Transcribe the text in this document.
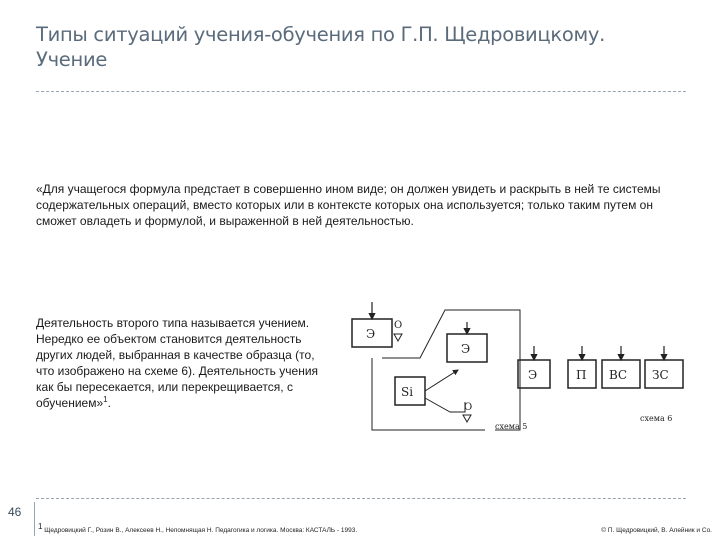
Типы ситуаций учения-обучения по Г.П. Щедровицкому.
Учение
«Для учащегося формула предстает в совершенно ином виде; он должен увидеть и раскрыть в ней те системы содержательных операций, вместо которых или в контексте которых она используется; только таким путем он сможет овладеть и формулой, и выраженной в ней деятельностью.
Деятельность второго типа называется учением. Нередко ее объектом становится деятельность других людей, выбранная в качестве образца (то, что изображено на схеме 6). Деятельность учения как бы пересекается, или перекрещивается, с обучением»$^1$.
Э
О
Э
Si
О
схема 5
Э	П ВС ЗС
схема 6
46
$^1$ Щедровицкий Г., Розин В., Алексеев Н., Непомнящая Н. Педагогика и логика. Москва: КАСТАЛЬ - 1993.	© П. Щедровицкий, В. Алейник и Со.
